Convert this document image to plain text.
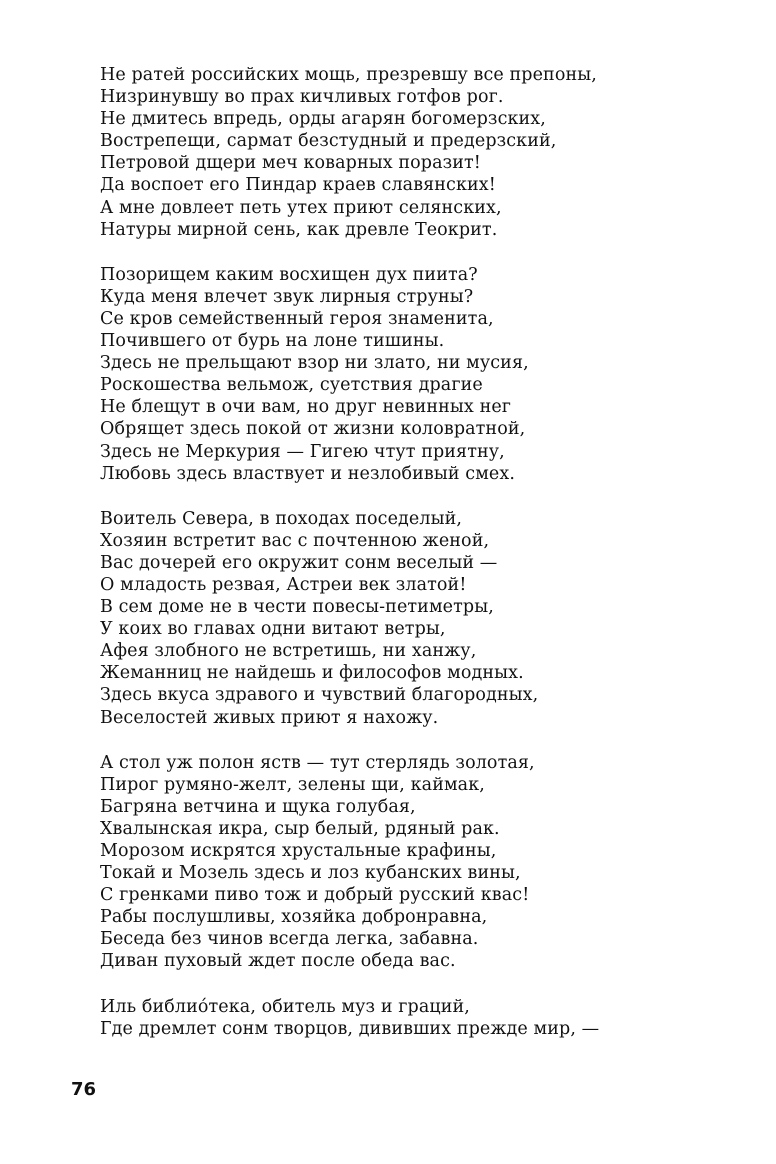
Не ратей российских мощь, презревшу все препоны,
Низринувшу во прах кичливых готфов рог.
Не дмитесь впредь, орды агарян богомерзских,
Вострепещи, сармат безстудный и предерзский,
Петровой дщери меч коварных поразит!
Да воспоет его Пиндар краев славянских!
А мне довлеет петь утех приют селянских,
Натуры мирной сень, как древле Теокрит.
Позорищем каким восхищен дух пиита?
Куда меня влечет звук лирныя струны?
Се кров семейственный героя знаменита,
Почившего от бурь на лоне тишины.
Здесь не прельщают взор ни злато, ни мусия,
Роскошества вельмож, суетствия драгие
Не блещут в очи вам, но друг невинных нег
Обрящет здесь покой от жизни коловратной,
Здесь не Меркурия — Гигею чтут приятну,
Любовь здесь властвует и незлобивый смех.
Воитель Севера, в походах поседелый,
Хозяин встретит вас с почтенною женой,
Вас дочерей его окружит сонм веселый —
О младость резвая, Астреи век златой!
В сем доме не в чести повесы-петиметры,
У коих во главах одни витают ветры,
Афея злобного не встретишь, ни ханжу,
Жеманниц не найдешь и философов модных.
Здесь вкуса здравого и чувствий благородных,
Веселостей живых приют я нахожу.
А стол уж полон яств — тут стерлядь золотая,
Пирог румяно-желт, зелены щи, каймак,
Багряна ветчина и щука голубая,
Хвалынская икра, сыр белый, рдяный рак.
Морозом искрятся хрустальные крафины,
Токай и Мозель здесь и лоз кубанских вины,
С гренками пиво тож и добрый русский квас!
Рабы послушливы, хозяйка добронравна,
Беседа без чинов всегда легка, забавна.
Диван пуховый ждет после обеда вас.
Иль библио́тека, обитель муз и граций,
Где дремлет сонм творцов, дививших прежде мир, —
76
